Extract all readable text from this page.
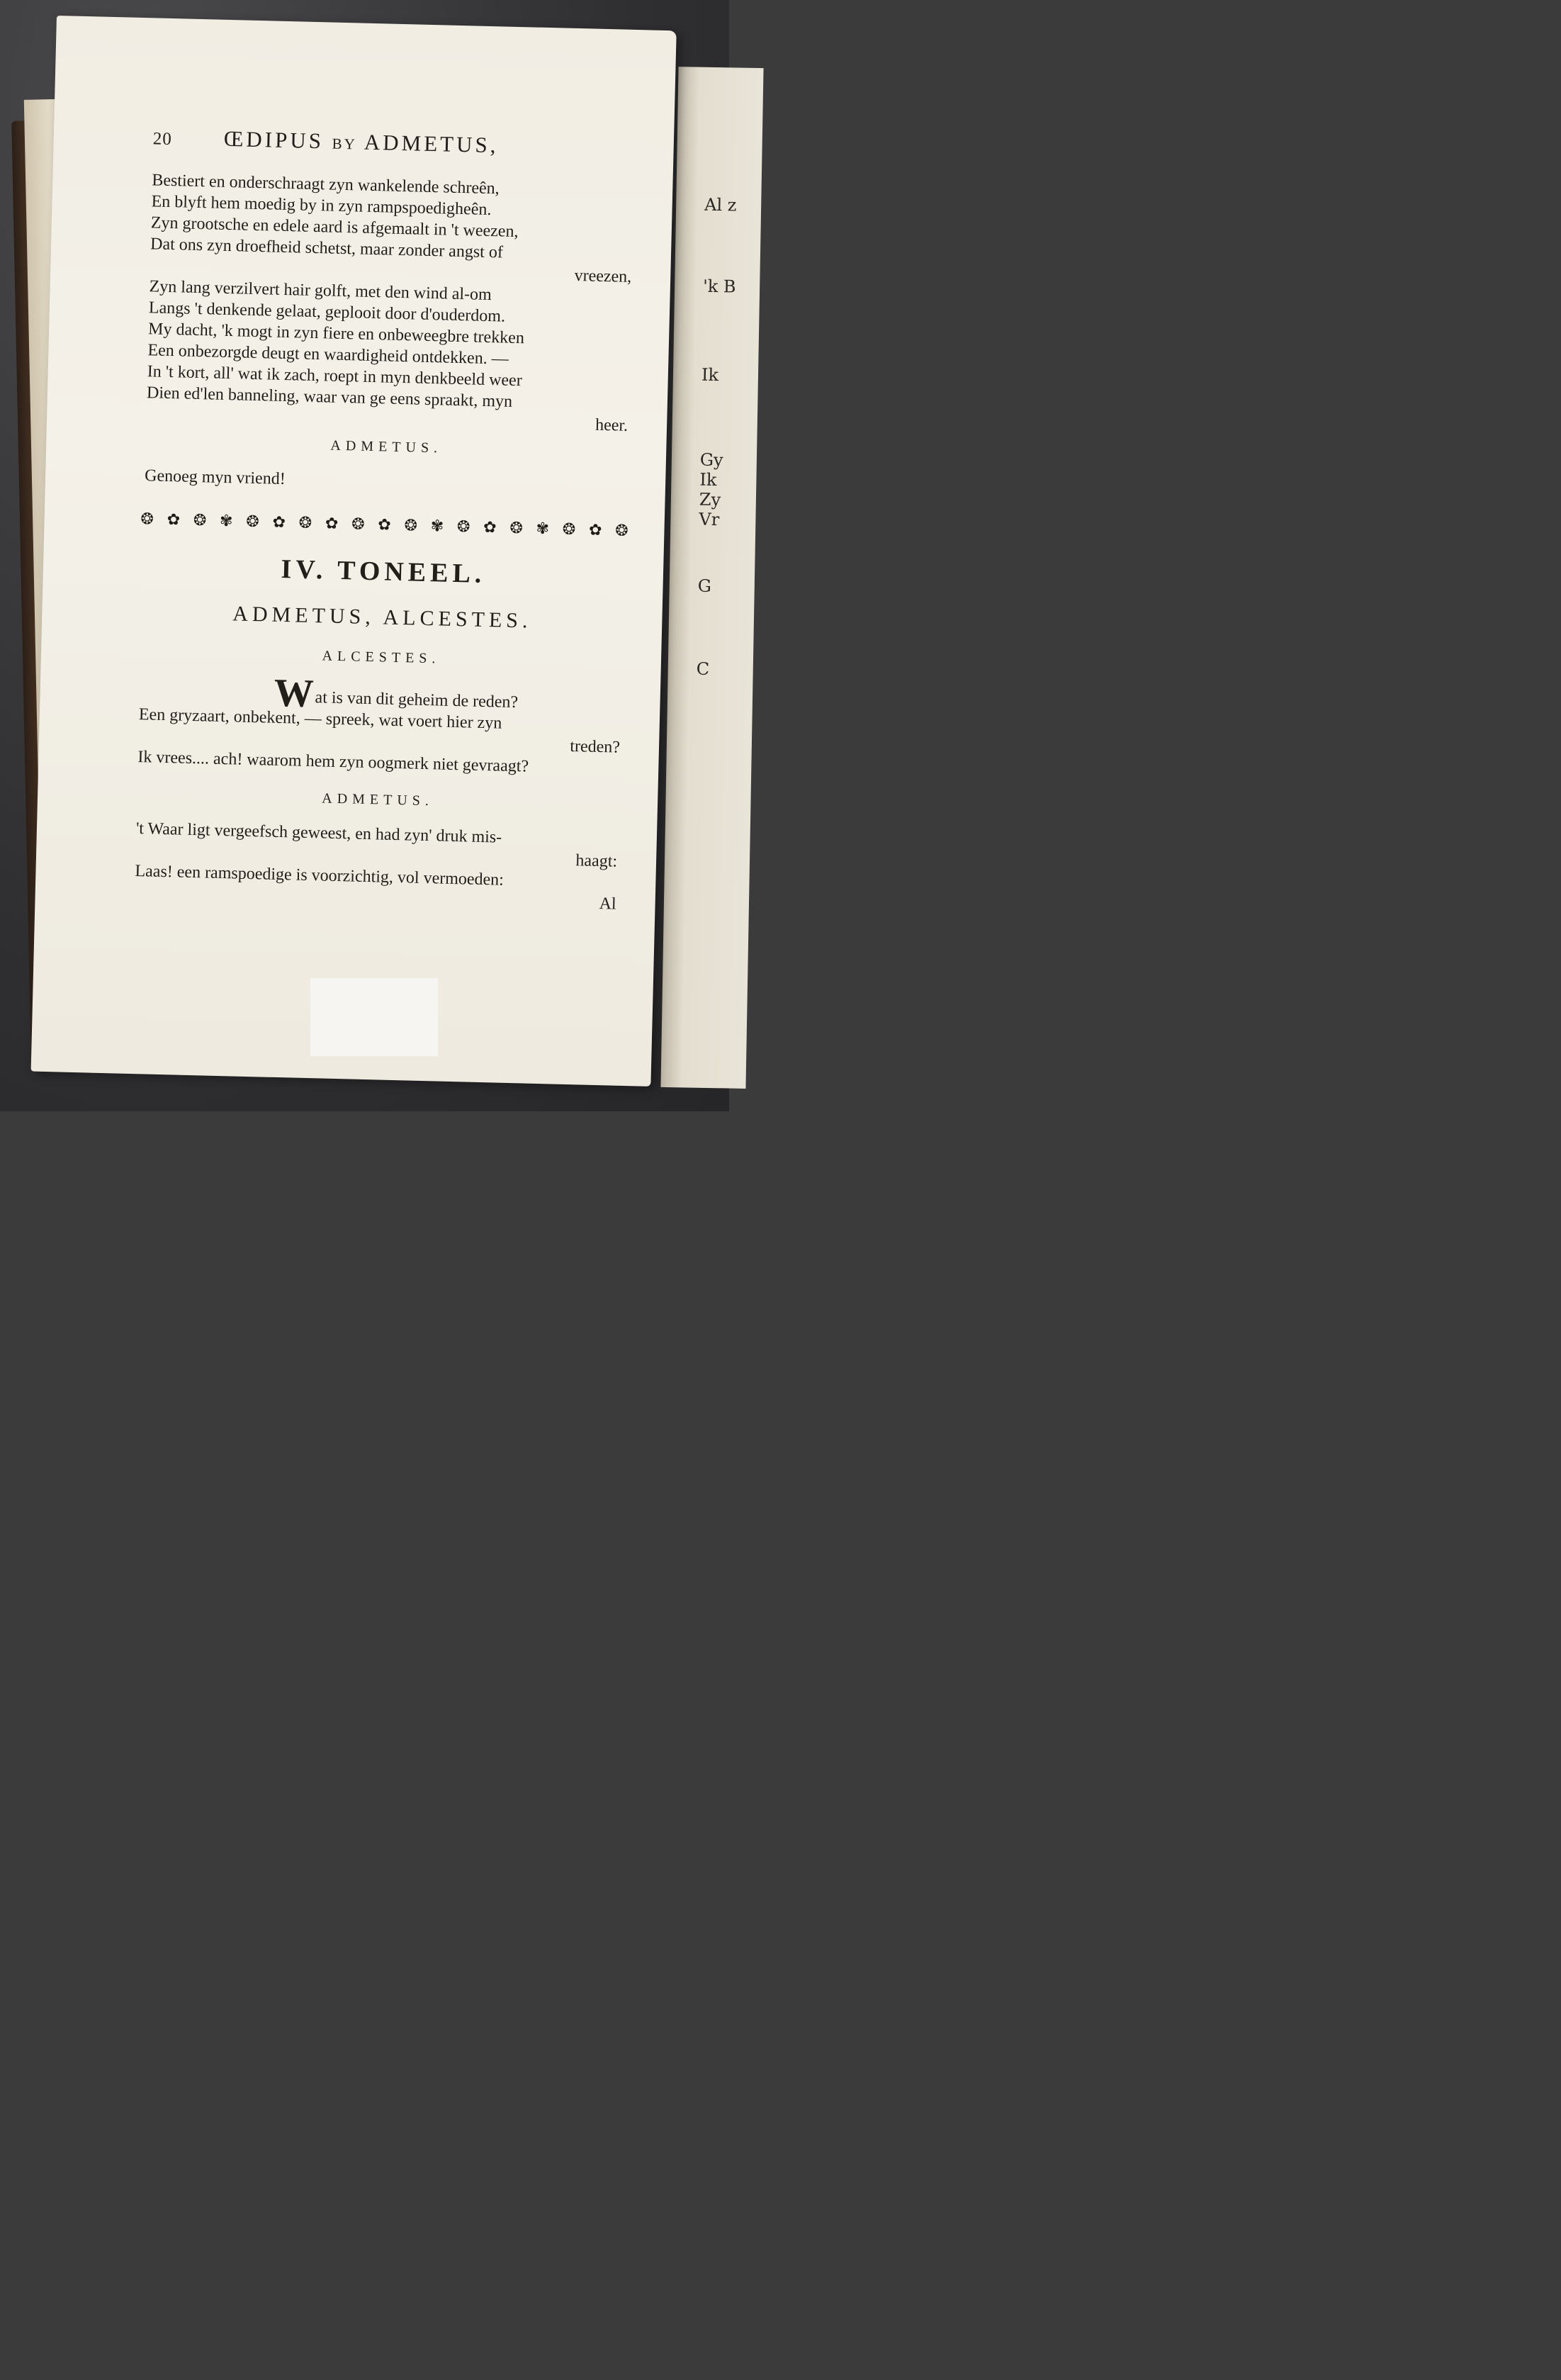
Al z
'k B
Ik
Gy
Ik
Zy
Vr
G
C
20	ŒDIPUS BY ADMETUS,
Bestiert en onderschraagt zyn wankelende schreên,
En blyft hem moedig by in zyn rampspoedigheên.
Zyn grootsche en edele aard is afgemaalt in 't weezen,
Dat ons zyn droefheid schetst, maar zonder angst of
vreezen,
Zyn lang verzilvert hair golft, met den wind al-om
Langs 't denkende gelaat, geplooit door d'ouderdom.
My dacht, 'k mogt in zyn fiere en onbeweegbre trekken
Een onbezorgde deugt en waardigheid ontdekken. —
In 't kort, all' wat ik zach, roept in myn denkbeeld weer
Dien ed'len banneling, waar van ge eens spraakt, myn
heer.
ADMETUS.
Genoeg myn vriend!
❂ ✿ ❂ ✾ ❂ ✿ ❂ ✿ ❂ ✿ ❂ ✾ ❂ ✿ ❂ ✾ ❂ ✿ ❂
IV. TONEEL.
ADMETUS, ALCESTES.
ALCESTES.
Wat is van dit geheim de reden?
Een gryzaart, onbekent, — spreek, wat voert hier zyn
treden?
Ik vrees.... ach! waarom hem zyn oogmerk niet gevraagt?
ADMETUS.
't Waar ligt vergeefsch geweest, en had zyn' druk mis-
haagt:
Laas! een ramspoedige is voorzichtig, vol vermoeden:
Al
